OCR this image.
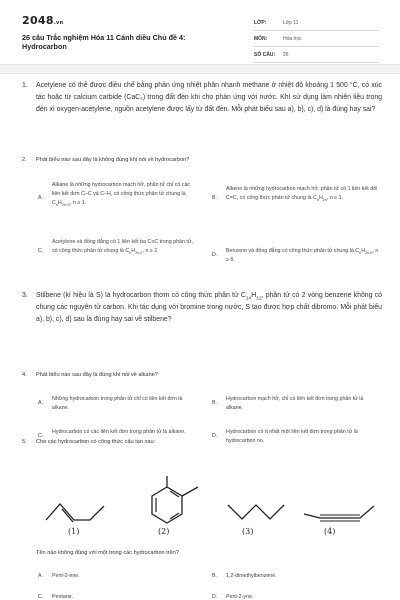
2048.vn
26 câu Trắc nghiệm Hóa 11 Cánh diều Chủ đề 4:
Hydrocarbon
LỚP:	Lớp 11
MÔN:	Hóa học
SỐ CÂU:	26
1. Acetylene có thể được điều chế bằng phản ứng nhiệt phân nhanh methane ở nhiệt độ khoảng 1 500 °C, có xúc tác hoặc từ calcium carbide (CaC₂) trong đất đèn khi cho phản ứng với nước. Khí sử dụng làm nhiên liệu trong đèn xì oxygen-acetylene, nguồn acetylene được lấy từ đất đèn. Mỗi phát biểu sau a), b), c), d) là đúng hay sai?
2. Phát biểu nào sau đây là không đúng khi nói về hydrocarbon?
A.
Alkane là những hydrocarbon mạch hở, phân tử chỉ có các liên kết đơn C–C và C–H, có công thức phân tử chung là $C_nH_{2n+2}$, n ≥ 1.
B.
Alkene là những hydrocarbon mạch hở, phân tử có 1 liên kết đôi C=C, có công thức phân tử chung là $C_nH_{2n}$, n ≥ 1.
C.
Acetylene và đồng đẳng có 1 liên kết ba C≡C trong phân tử, có công thức phân tử chung là $C_nH_{2n-2}$, n ≥ 2
D.
Benzene và đồng đẳng có công thức phân tử chung là $C_nH_{2n-6}$, n ≥ 6.
3. Stilbene (kí hiệu là S) là hydrocarbon thơm có công thức phân tử $C_{14}H_{12}$, phân tử có 2 vòng benzene không có chung các nguyên tử carbon. Khi tác dụng với bromine trong nước, S tạo được hợp chất dibromo. Mỗi phát biểu a), b), c), d) sau là đúng hay sai về stilbene?
4. Phát biểu nào sau đây là đúng khi nói về alkane?
A.
Những hydrocarbon trong phân tử chỉ có liên kết đơn là alkane.
B.
Hydrocarbon mạch hở, chỉ có liên kết đơn trong phân tử là alkane.
C.
Hydrocarbon có các liên kết đơn trong phân tử là alkane.
D.
Hydrocarbon có ít nhất một liên kết đơn trong phân tử là hydrocarbon no.
5. Cho các hydrocarbon có công thức cấu tạo sau:
(1)	(2)	(3)	(4)
Tên nào không đúng với một trong các hydrocarbon trên?
A. Pent-2-ene.	B. 1,2-dimethylbenzene.
C. Pentane.	D. Pent-2-yne.
